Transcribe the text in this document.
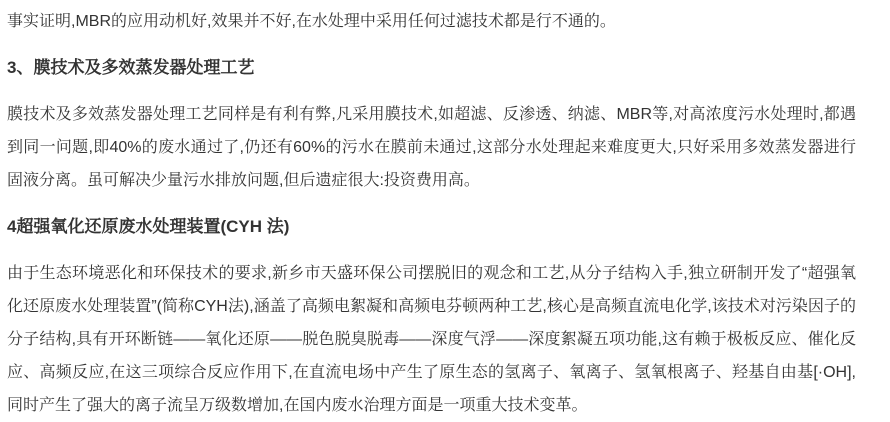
事实证明,MBR的应用动机好,效果并不好,在水处理中采用任何过滤技术都是行不通的。

3、膜技术及多效蒸发器处理工艺

膜技术及多效蒸发器处理工艺同样是有利有弊,凡采用膜技术,如超滤、反渗透、纳滤、MBR等,对高浓度污水处理时,都遇到同一问题,即40%的废水通过了,仍还有60%的污水在膜前未通过,这部分水处理起来难度更大,只好采用多效蒸发器进行固液分离。虽可解决少量污水排放问题,但后遗症很大:投资费用高。

4超强氧化还原废水处理装置(CYH 法)

由于生态环境恶化和环保技术的要求,新乡市天盛环保公司摆脱旧的观念和工艺,从分子结构入手,独立研制开发了“超强氧化还原废水处理装置”(简称CYH法),涵盖了高频电絮凝和高频电芬顿两种工艺,核心是高频直流电化学,该技术对污染因子的分子结构,具有开环断链——氧化还原——脱色脱臭脱毒——深度气浮——深度絮凝五项功能,这有赖于极板反应、催化反应、高频反应,在这三项综合反应作用下,在直流电场中产生了原生态的氢离子、氧离子、氢氧根离子、羟基自由基[·OH],同时产生了强大的离子流呈万级数增加,在国内废水治理方面是一项重大技术变革。
